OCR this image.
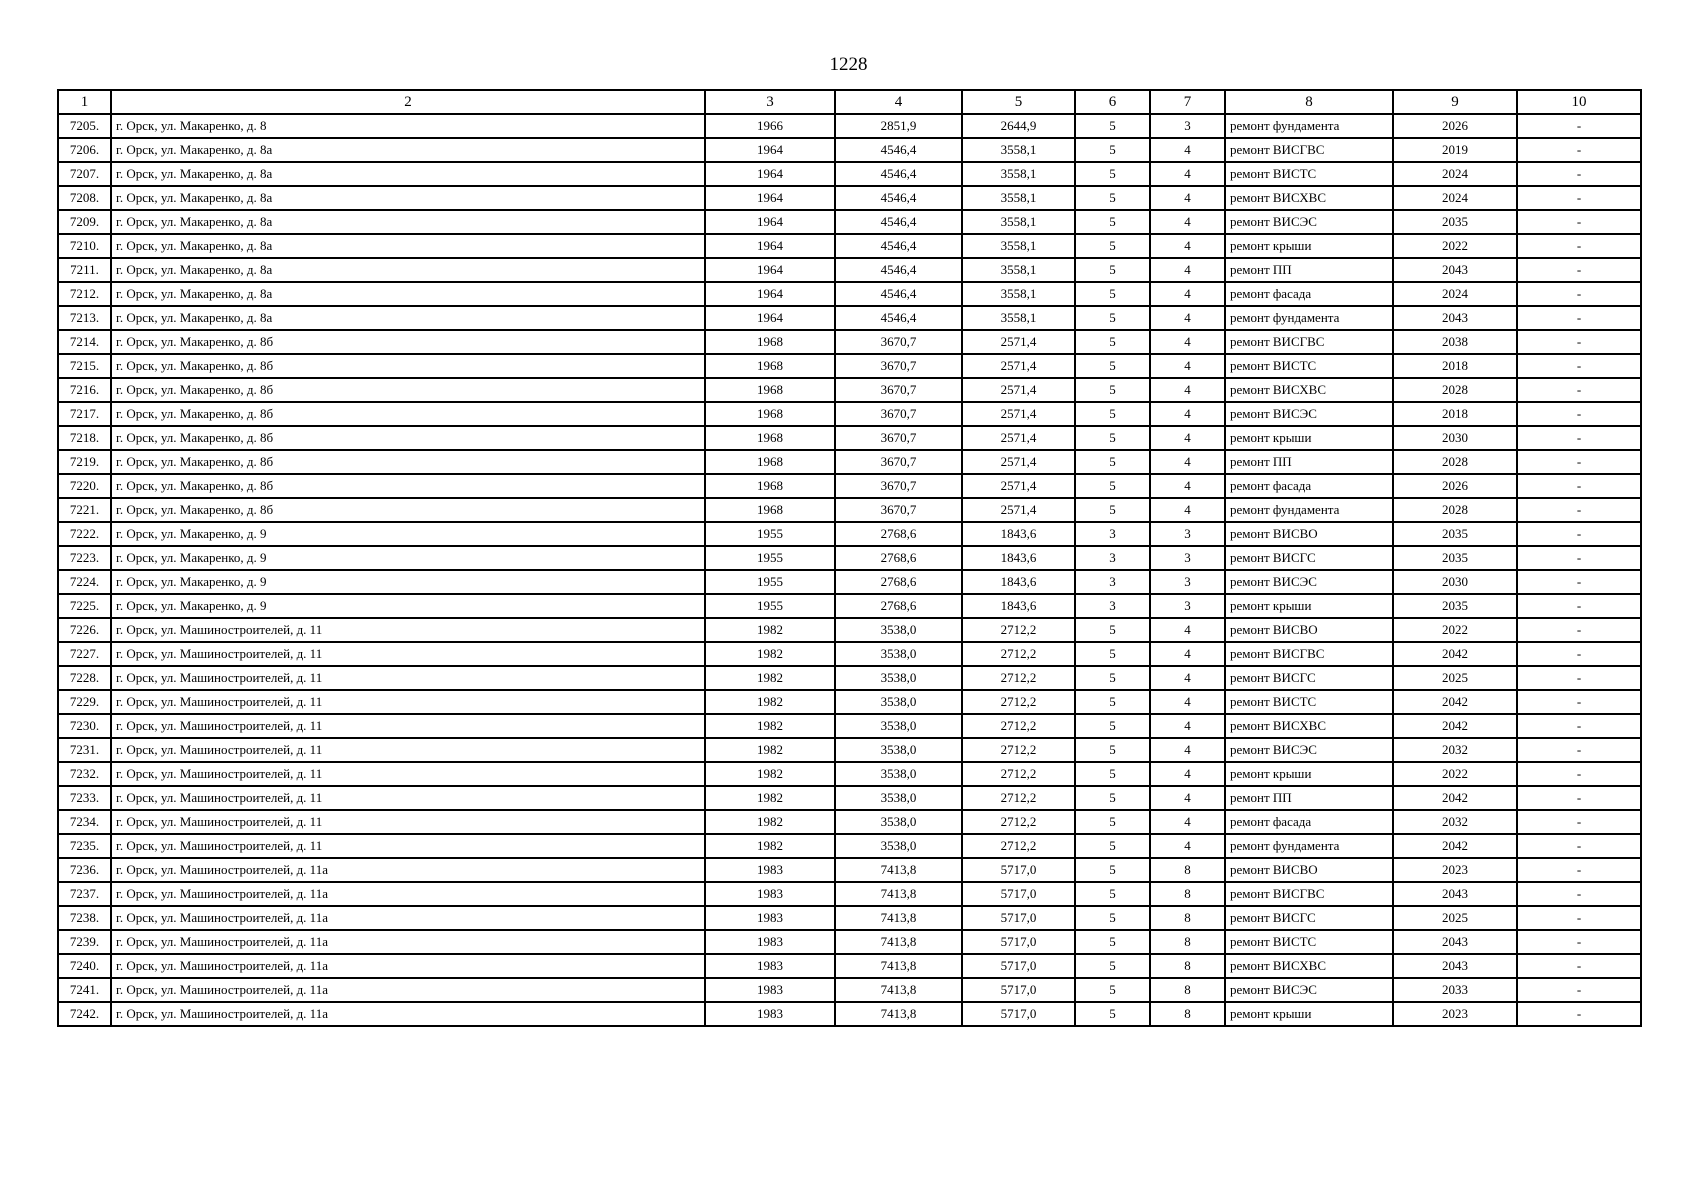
1228
1	2	3	4	5	6	7	8	9	10
7205.	г. Орск, ул. Макаренко, д. 8	1966	2851,9	2644,9	5	3	ремонт фундамента	2026	-
7206.	г. Орск, ул. Макаренко, д. 8а	1964	4546,4	3558,1	5	4	ремонт ВИСГВС	2019	-
7207.	г. Орск, ул. Макаренко, д. 8а	1964	4546,4	3558,1	5	4	ремонт ВИСТС	2024	-
7208.	г. Орск, ул. Макаренко, д. 8а	1964	4546,4	3558,1	5	4	ремонт ВИСХВС	2024	-
7209.	г. Орск, ул. Макаренко, д. 8а	1964	4546,4	3558,1	5	4	ремонт ВИСЭС	2035	-
7210.	г. Орск, ул. Макаренко, д. 8а	1964	4546,4	3558,1	5	4	ремонт крыши	2022	-
7211.	г. Орск, ул. Макаренко, д. 8а	1964	4546,4	3558,1	5	4	ремонт ПП	2043	-
7212.	г. Орск, ул. Макаренко, д. 8а	1964	4546,4	3558,1	5	4	ремонт фасада	2024	-
7213.	г. Орск, ул. Макаренко, д. 8а	1964	4546,4	3558,1	5	4	ремонт фундамента	2043	-
7214.	г. Орск, ул. Макаренко, д. 8б	1968	3670,7	2571,4	5	4	ремонт ВИСГВС	2038	-
7215.	г. Орск, ул. Макаренко, д. 8б	1968	3670,7	2571,4	5	4	ремонт ВИСТС	2018	-
7216.	г. Орск, ул. Макаренко, д. 8б	1968	3670,7	2571,4	5	4	ремонт ВИСХВС	2028	-
7217.	г. Орск, ул. Макаренко, д. 8б	1968	3670,7	2571,4	5	4	ремонт ВИСЭС	2018	-
7218.	г. Орск, ул. Макаренко, д. 8б	1968	3670,7	2571,4	5	4	ремонт крыши	2030	-
7219.	г. Орск, ул. Макаренко, д. 8б	1968	3670,7	2571,4	5	4	ремонт ПП	2028	-
7220.	г. Орск, ул. Макаренко, д. 8б	1968	3670,7	2571,4	5	4	ремонт фасада	2026	-
7221.	г. Орск, ул. Макаренко, д. 8б	1968	3670,7	2571,4	5	4	ремонт фундамента	2028	-
7222.	г. Орск, ул. Макаренко, д. 9	1955	2768,6	1843,6	3	3	ремонт ВИСВО	2035	-
7223.	г. Орск, ул. Макаренко, д. 9	1955	2768,6	1843,6	3	3	ремонт ВИСГС	2035	-
7224.	г. Орск, ул. Макаренко, д. 9	1955	2768,6	1843,6	3	3	ремонт ВИСЭС	2030	-
7225.	г. Орск, ул. Макаренко, д. 9	1955	2768,6	1843,6	3	3	ремонт крыши	2035	-
7226.	г. Орск, ул. Машиностроителей, д. 11	1982	3538,0	2712,2	5	4	ремонт ВИСВО	2022	-
7227.	г. Орск, ул. Машиностроителей, д. 11	1982	3538,0	2712,2	5	4	ремонт ВИСГВС	2042	-
7228.	г. Орск, ул. Машиностроителей, д. 11	1982	3538,0	2712,2	5	4	ремонт ВИСГС	2025	-
7229.	г. Орск, ул. Машиностроителей, д. 11	1982	3538,0	2712,2	5	4	ремонт ВИСТС	2042	-
7230.	г. Орск, ул. Машиностроителей, д. 11	1982	3538,0	2712,2	5	4	ремонт ВИСХВС	2042	-
7231.	г. Орск, ул. Машиностроителей, д. 11	1982	3538,0	2712,2	5	4	ремонт ВИСЭС	2032	-
7232.	г. Орск, ул. Машиностроителей, д. 11	1982	3538,0	2712,2	5	4	ремонт крыши	2022	-
7233.	г. Орск, ул. Машиностроителей, д. 11	1982	3538,0	2712,2	5	4	ремонт ПП	2042	-
7234.	г. Орск, ул. Машиностроителей, д. 11	1982	3538,0	2712,2	5	4	ремонт фасада	2032	-
7235.	г. Орск, ул. Машиностроителей, д. 11	1982	3538,0	2712,2	5	4	ремонт фундамента	2042	-
7236.	г. Орск, ул. Машиностроителей, д. 11а	1983	7413,8	5717,0	5	8	ремонт ВИСВО	2023	-
7237.	г. Орск, ул. Машиностроителей, д. 11а	1983	7413,8	5717,0	5	8	ремонт ВИСГВС	2043	-
7238.	г. Орск, ул. Машиностроителей, д. 11а	1983	7413,8	5717,0	5	8	ремонт ВИСГС	2025	-
7239.	г. Орск, ул. Машиностроителей, д. 11а	1983	7413,8	5717,0	5	8	ремонт ВИСТС	2043	-
7240.	г. Орск, ул. Машиностроителей, д. 11а	1983	7413,8	5717,0	5	8	ремонт ВИСХВС	2043	-
7241.	г. Орск, ул. Машиностроителей, д. 11а	1983	7413,8	5717,0	5	8	ремонт ВИСЭС	2033	-
7242.	г. Орск, ул. Машиностроителей, д. 11а	1983	7413,8	5717,0	5	8	ремонт крыши	2023	-
